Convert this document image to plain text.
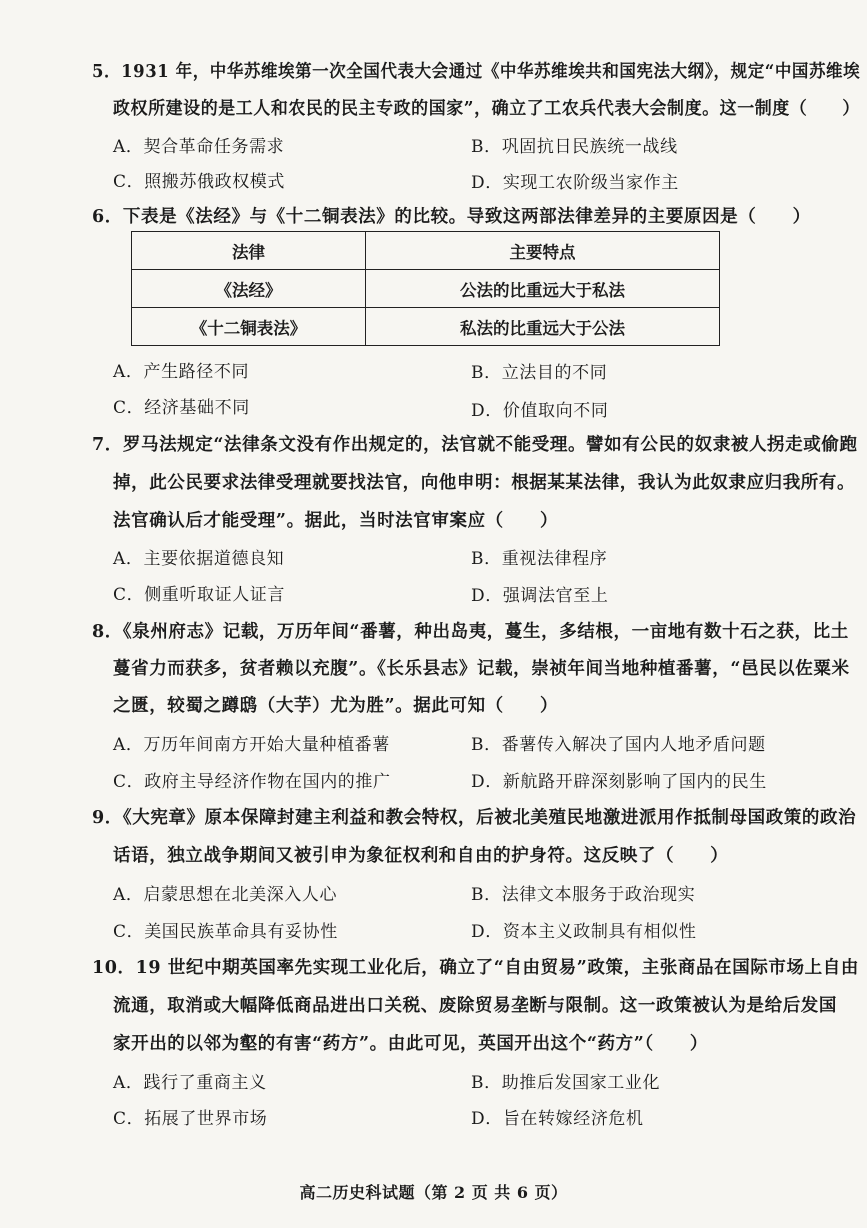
5．1931 年，中华苏维埃第一次全国代表大会通过《中华苏维埃共和国宪法大纲》，规定“中国苏维埃
政权所建设的是工人和农民的民主专政的国家”，确立了工农兵代表大会制度。这一制度（　　）
A．契合革命任务需求	B．巩固抗日民族统一战线
C．照搬苏俄政权模式	D．实现工农阶级当家作主
6．下表是《法经》与《十二铜表法》的比较。导致这两部法律差异的主要原因是（　　）
法律	主要特点
《法经》	公法的比重远大于私法
《十二铜表法》	私法的比重远大于公法
A．产生路径不同	B．立法目的不同
C．经济基础不同	D．价值取向不同
7．罗马法规定“法律条文没有作出规定的，法官就不能受理。譬如有公民的奴隶被人拐走或偷跑
掉，此公民要求法律受理就要找法官，向他申明：根据某某法律，我认为此奴隶应归我所有。
法官确认后才能受理”。据此，当时法官审案应（　　）
A．主要依据道德良知	B．重视法律程序
C．侧重听取证人证言	D．强调法官至上
8．《泉州府志》记载，万历年间“番薯，种出岛夷，蔓生，多结根，一亩地有数十石之获，比土
蔓省力而获多，贫者赖以充腹”。《长乐县志》记载，崇祯年间当地种植番薯，“邑民以佐粟米
之匮，较蜀之蹲鸱（大芋）尤为胜”。据此可知（　　）
A．万历年间南方开始大量种植番薯	B．番薯传入解决了国内人地矛盾问题
C．政府主导经济作物在国内的推广	D．新航路开辟深刻影响了国内的民生
9．《大宪章》原本保障封建主利益和教会特权，后被北美殖民地激进派用作抵制母国政策的政治
话语，独立战争期间又被引申为象征权利和自由的护身符。这反映了（　　）
A．启蒙思想在北美深入人心	B．法律文本服务于政治现实
C．美国民族革命具有妥协性	D．资本主义政制具有相似性
10．19 世纪中期英国率先实现工业化后，确立了“自由贸易”政策，主张商品在国际市场上自由
流通，取消或大幅降低商品进出口关税、废除贸易垄断与限制。这一政策被认为是给后发国
家开出的以邻为壑的有害“药方”。由此可见，英国开出这个“药方”（　　）
A．践行了重商主义	B．助推后发国家工业化
C．拓展了世界市场	D．旨在转嫁经济危机
高二历史科试题（第 2 页 共 6 页）
